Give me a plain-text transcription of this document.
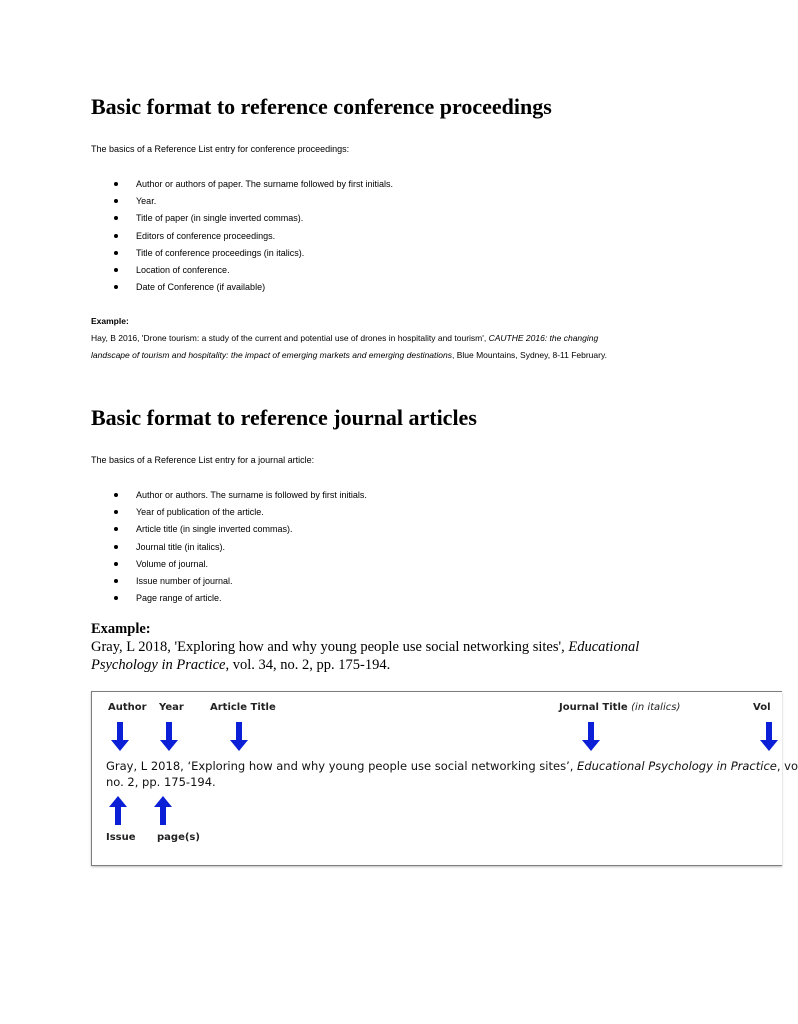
Basic format to reference conference proceedings
The basics of a Reference List entry for conference proceedings:
Author or authors of paper. The surname followed by first initials.
Year.
Title of paper (in single inverted commas).
Editors of conference proceedings.
Title of conference proceedings (in italics).
Location of conference.
Date of Conference (if available)
Example:
Hay, B 2016, 'Drone tourism: a study of the current and potential use of drones in hospitality and tourism', CAUTHE 2016: the changing
landscape of tourism and hospitality: the impact of emerging markets and emerging destinations, Blue Mountains, Sydney, 8-11 February.
Basic format to reference journal articles
The basics of a Reference List entry for a journal article:
Author or authors. The surname is followed by first initials.
Year of publication of the article.
Article title (in single inverted commas).
Journal title (in italics).
Volume of journal.
Issue number of journal.
Page range of article.
Example:
Gray, L 2018, 'Exploring how and why young people use social networking sites', Educational
Psychology in Practice, vol. 34, no. 2, pp. 175-194.
Author Year	Article Title	Journal Title (in italics)	Vol
Gray, L 2018, ‘Exploring how and why young people use social networking sites’, Educational Psychology in Practice, vo
no. 2, pp. 175-194.
Issue page(s)
